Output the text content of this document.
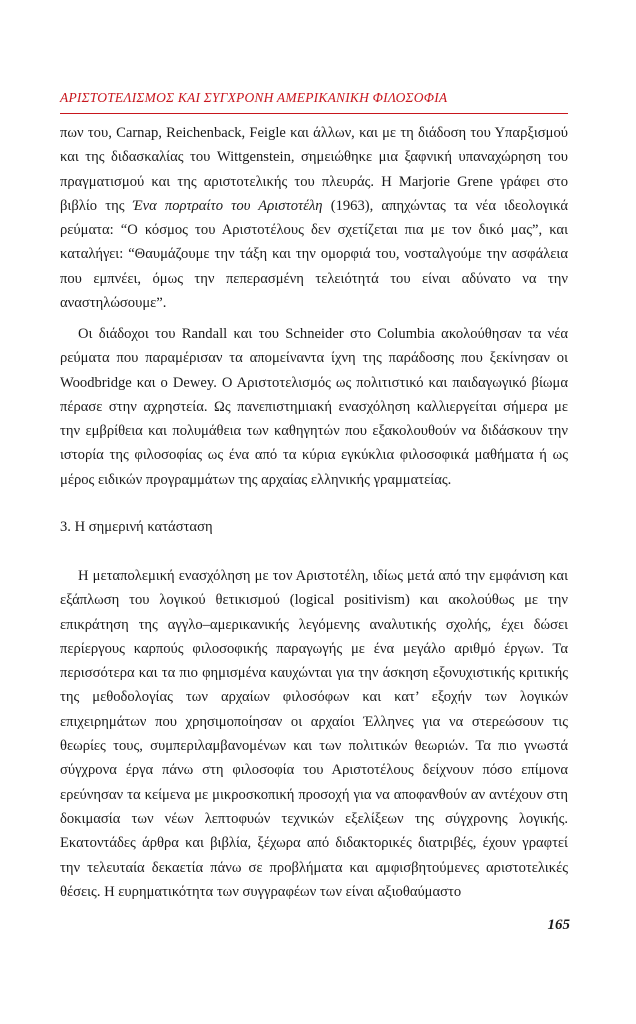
ΑΡΙΣΤΟΤΕΛΙΣΜΟΣ ΚΑΙ ΣΥΓΧΡΟΝΗ ΑΜΕΡΙΚΑΝΙΚΗ ΦΙΛΟΣΟΦΙΑ

πων του, Carnap, Reichenback, Feigle και άλλων, και με τη διάδοση του Υπαρξισμού και της διδασκαλίας του Wittgenstein, σημειώθηκε μια ξαφνική υπαναχώρηση του πραγματισμού και της αριστοτελικής του πλευράς. Η Marjorie Grene γράφει στο βιβλίο της Ένα πορτραίτο του Αριστοτέλη (1963), απηχώντας τα νέα ιδεολογικά ρεύματα: “Ο κόσμος του Αριστοτέλους δεν σχετίζεται πια με τον δικό μας”, και καταλήγει: “Θαυμάζουμε την τάξη και την ομορφιά του, νοσταλγούμε την ασφάλεια που εμπνέει, όμως την πεπερασμένη τελειότητά του είναι αδύνατο να την αναστηλώσουμε”.

Οι διάδοχοι του Randall και του Schneider στο Columbia ακολούθησαν τα νέα ρεύματα που παραμέρισαν τα απομείναντα ίχνη της παράδοσης που ξεκίνησαν οι Woodbridge και ο Dewey. Ο Αριστοτελισμός ως πολιτιστικό και παιδαγωγικό βίωμα πέρασε στην αχρηστεία. Ως πανεπιστημιακή ενασχόληση καλλιεργείται σήμερα με την εμβρίθεια και πολυμάθεια των καθηγητών που εξακολουθούν να διδάσκουν την ιστορία της φιλοσοφίας ως ένα από τα κύρια εγκύκλια φιλοσοφικά μαθήματα ή ως μέρος ειδικών προγραμμάτων της αρχαίας ελληνικής γραμματείας.

3. Η σημερινή κατάσταση

Η μεταπολεμική ενασχόληση με τον Αριστοτέλη, ιδίως μετά από την εμφάνιση και εξάπλωση του λογικού θετικισμού (logical positivism) και ακολούθως με την επικράτηση της αγγλο–αμερικανικής λεγόμενης αναλυτικής σχολής, έχει δώσει περίεργους καρπούς φιλοσοφικής παραγωγής με ένα μεγάλο αριθμό έργων. Τα περισσότερα και τα πιο φημισμένα καυχώνται για την άσκηση εξονυχιστικής κριτικής της μεθοδολογίας των αρχαίων φιλοσόφων και κατ’ εξοχήν των λογικών επιχειρημάτων που χρησιμοποίησαν οι αρχαίοι Έλληνες για να στερεώσουν τις θεωρίες τους, συμπεριλαμβανομένων και των πολιτικών θεωριών. Τα πιο γνωστά σύγχρονα έργα πάνω στη φιλοσοφία του Αριστοτέλους δείχνουν πόσο επίμονα ερεύνησαν τα κείμενα με μικροσκοπική προσοχή για να αποφανθούν αν αντέχουν στη δοκιμασία των νέων λεπτοφυών τεχνικών εξελίξεων της σύγχρονης λογικής. Εκατοντάδες άρθρα και βιβλία, ξέχωρα από διδακτορικές διατριβές, έχουν γραφτεί την τελευταία δεκαετία πάνω σε προβλήματα και αμφισβητούμενες αριστοτελικές θέσεις. Η ευρηματικότητα των συγγραφέων των είναι αξιοθαύμαστο

165
